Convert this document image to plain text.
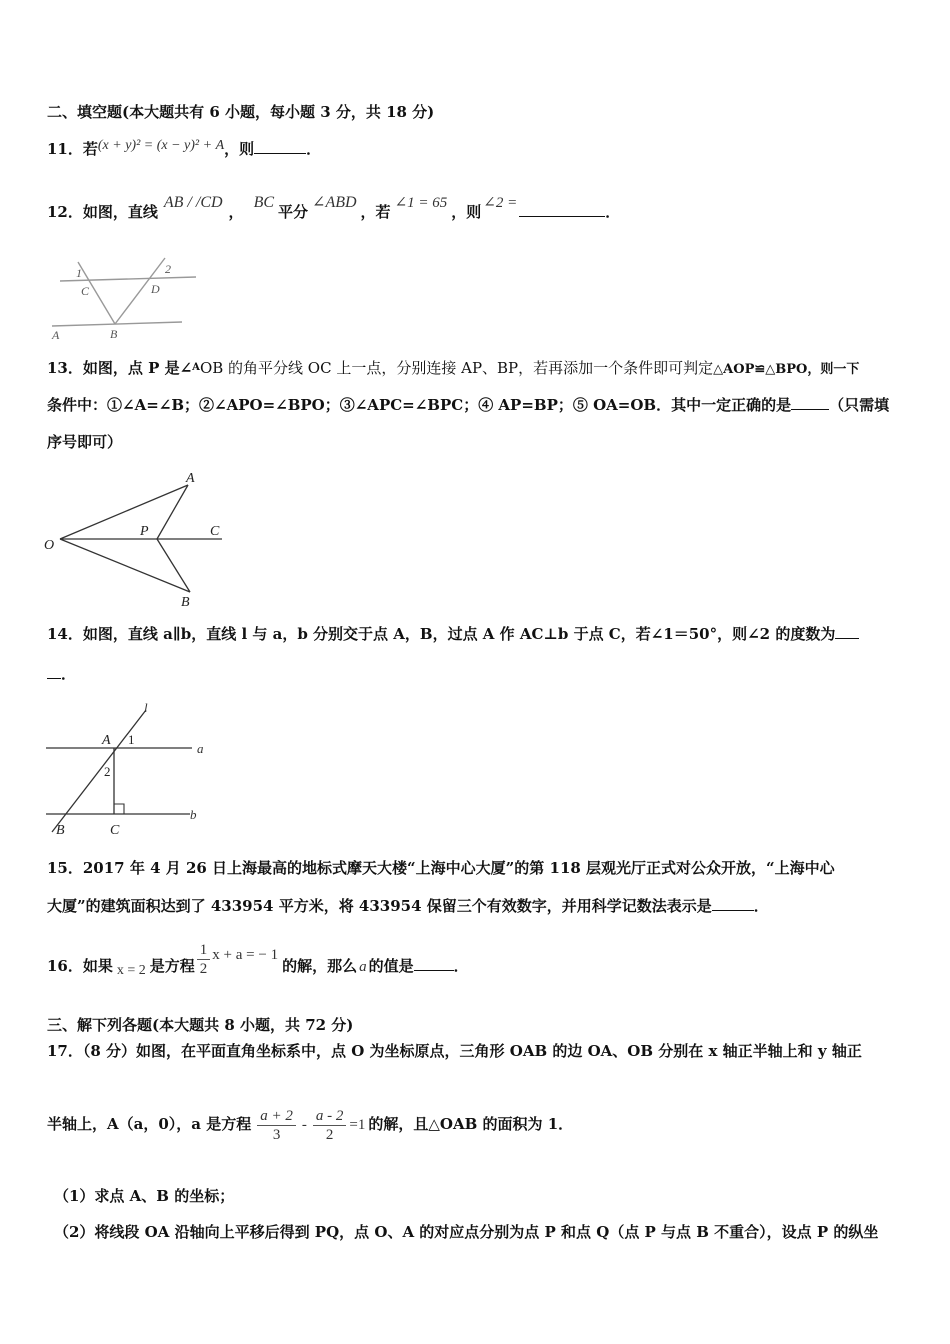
二、填空题(本大题共有 6 小题，每小题 3 分，共 18 分)
11．若(x + y)² = (x − y)² + A，则	．
12．如图，直线AB / /CD，BC平分∠ABD，若 ∠1 = 65 ，则 ∠2 =	．
1
C
2
D
A	B
13．如图，点 P 是∠$^A$OB 的角平分线 OC 上一点，分别连接 AP、BP，若再添加一个条件即可判定△AOP≌△BPO，则一下
条件中：①∠A=∠B；②∠APO=∠BPO；③∠APC=∠BPC；④ AP=BP；⑤ OA=OB．其中一定正确的是	（只需填
序号即可）
A
O
P	C
B
14．如图，直线 a∥b，直线 l 与 a，b 分别交于点 A，B，过点 A 作 AC⊥b 于点 C，若∠1＝50°，则∠2 的度数为
．
l
A 1
a
2
B	C
b
15．2017 年 4 月 26 日上海最高的地标式摩天大楼“上海中心大厦”的第 118 层观光厅正式对公众开放，“上海中心
大厦”的建筑面积达到了 433954 平方米，将 433954 保留三个有效数字，并用科学记数法表示是	．
16．如果 x = 2 是方程 $\frac{1}{2}$ x + a = − 1的解，那么 a 的值是	．
三、解下列各题(本大题共 8 小题，共 72 分)
17．（8 分）如图，在平面直角坐标系中，点 O 为坐标原点，三角形 OAB 的边 OA、OB 分别在 x 轴正半轴上和 y 轴正
半轴上，A（a，0），a 是方程 $\frac{a + 2}{3} - \frac{a - 2}{2} =1$ 的解，且△OAB 的面积为 1．
（1）求点 A、B 的坐标；
（2）将线段 OA 沿轴向上平移后得到 PQ，点 O、A 的对应点分别为点 P 和点 Q（点 P 与点 B 不重合），设点 P 的纵坐
